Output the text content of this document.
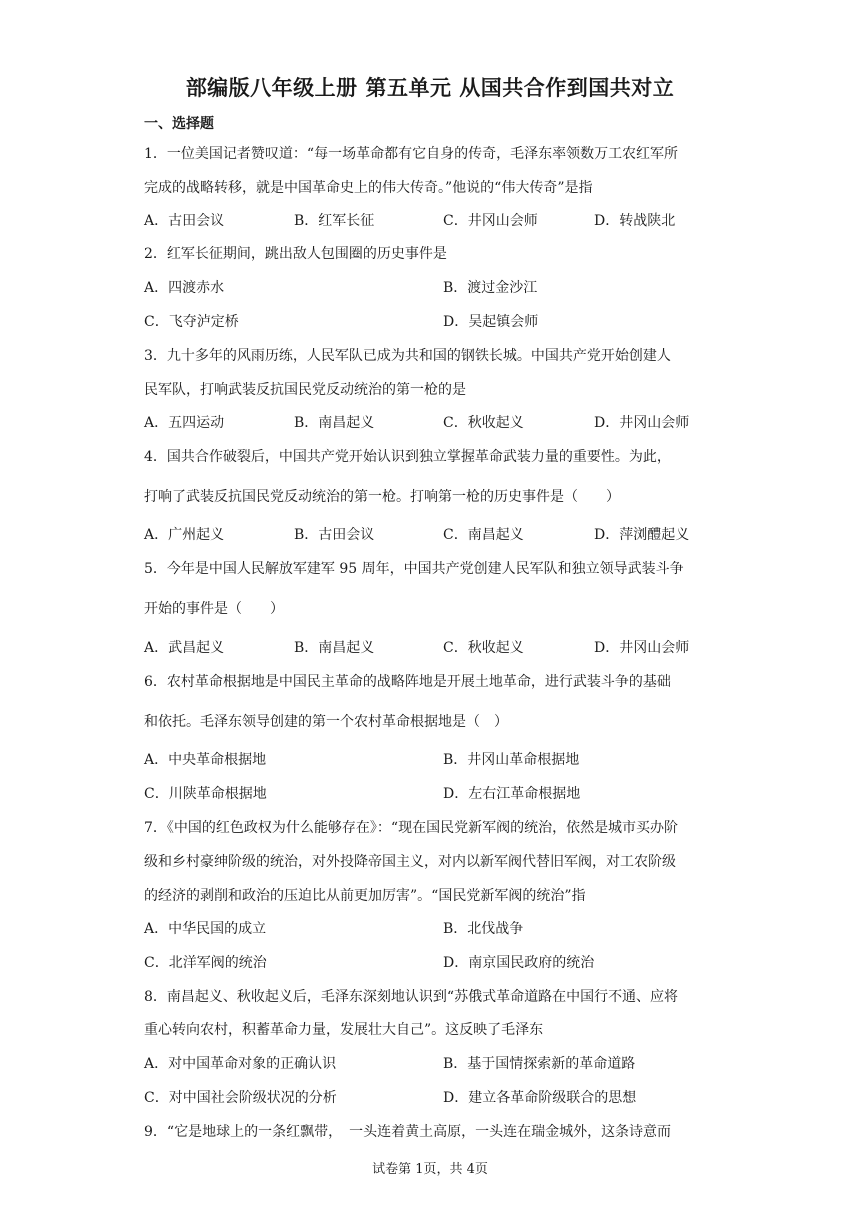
部编版八年级上册 第五单元 从国共合作到国共对立
一、选择题
1．一位美国记者赞叹道：“每一场革命都有它自身的传奇，毛泽东率领数万工农红军所
完成的战略转移，就是中国革命史上的伟大传奇。”他说的“伟大传奇”是指
A．古田会议	B．红军长征	C．井冈山会师	D．转战陕北
2．红军长征期间，跳出敌人包围圈的历史事件是
A．四渡赤水	B．渡过金沙江
C．飞夺泸定桥	D．吴起镇会师
3．九十多年的风雨历练，人民军队已成为共和国的钢铁长城。中国共产党开始创建人
民军队，打响武装反抗国民党反动统治的第一枪的是
A．五四运动	B．南昌起义	C．秋收起义	D．井冈山会师
4．国共合作破裂后，中国共产党开始认识到独立掌握革命武装力量的重要性。为此，
打响了武装反抗国民党反动统治的第一枪。打响第一枪的历史事件是（　　）
A．广州起义	B．古田会议	C．南昌起义	D．萍浏醴起义
5．今年是中国人民解放军建军 95 周年，中国共产党创建人民军队和独立领导武装斗争
开始的事件是（　　）
A．武昌起义	B．南昌起义	C．秋收起义	D．井冈山会师
6．农村革命根据地是中国民主革命的战略阵地是开展土地革命，进行武装斗争的基础
和依托。毛泽东领导创建的第一个农村革命根据地是（　）
A．中央革命根据地	B．井冈山革命根据地
C．川陕革命根据地	D．左右江革命根据地
7．《中国的红色政权为什么能够存在》：“现在国民党新军阀的统治，依然是城市买办阶
级和乡村豪绅阶级的统治，对外投降帝国主义，对内以新军阀代替旧军阀，对工农阶级
的经济的剥削和政治的压迫比从前更加厉害”。“国民党新军阀的统治”指
A．中华民国的成立	B．北伐战争
C．北洋军阀的统治	D．南京国民政府的统治
8．南昌起义、秋收起义后，毛泽东深刻地认识到“苏俄式革命道路在中国行不通、应将
重心转向农村，积蓄革命力量，发展壮大自己”。这反映了毛泽东
A．对中国革命对象的正确认识	B．基于国情探索新的革命道路
C．对中国社会阶级状况的分析	D．建立各革命阶级联合的思想
9．“它是地球上的一条红飘带，　一头连着黄土高原，一头连在瑞金城外，这条诗意而
试卷第 1页，共 4页
